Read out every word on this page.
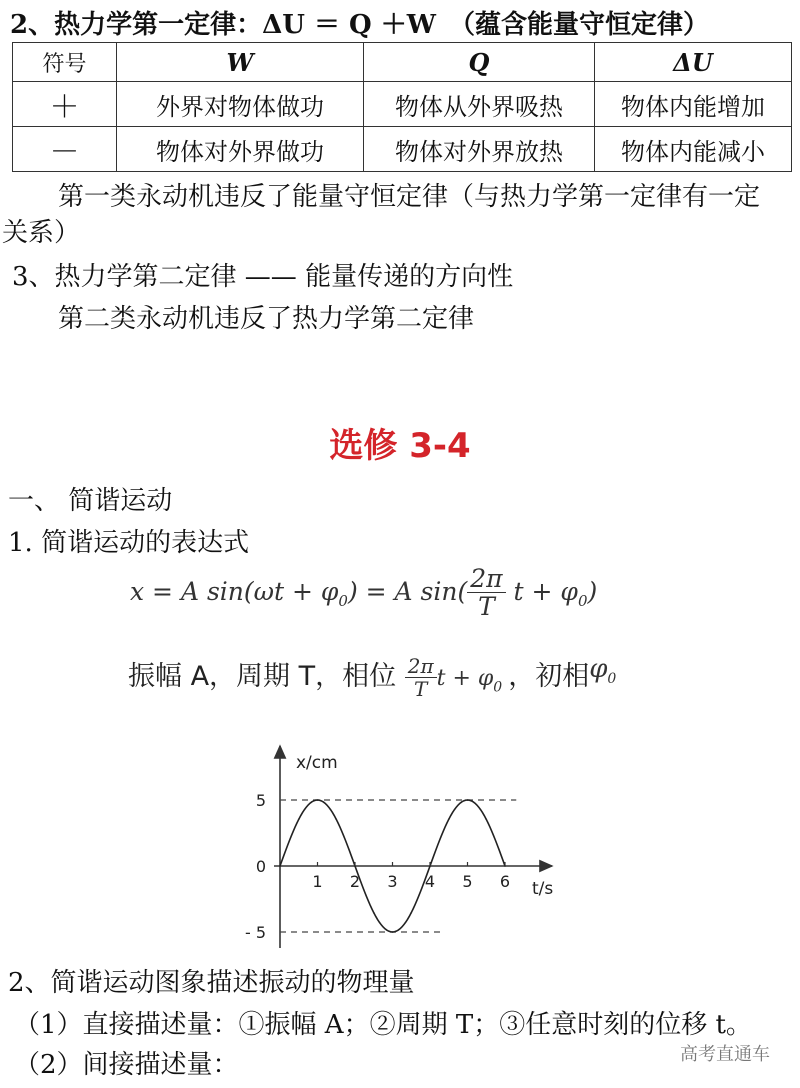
2、热力学第一定律：ΔU ＝ Q ＋W　（蕴含能量守恒定律）
符号	W	Q	ΔU
＋	外界对物体做功	物体从外界吸热	物体内能增加
－	物体对外界做功	物体对外界放热	物体内能减小
第一类永动机违反了能量守恒定律（与热力学第一定律有一定
关系）
3、热力学第二定律 —— 能量传递的方向性
第二类永动机违反了热力学第二定律
选修 3-4
一、 简谐运动
1. 简谐运动的表达式
x = A $\sin(\omega t + \varphi_0) = A$ $\sin( \frac{2\pi}{T}$ $t + \varphi_0$)
振幅 A，周期 T，相位 $\frac{2\pi}{T}$ $t + \varphi_0$ ，初相$\varphi_0$
1 2 3 4 5 6
5
0
- 5
x/cm
t/s
2、简谐运动图象描述振动的物理量
（1）直接描述量：①振幅 A；②周期 T；③任意时刻的位移 t。
（2）间接描述量：	高考直通车
